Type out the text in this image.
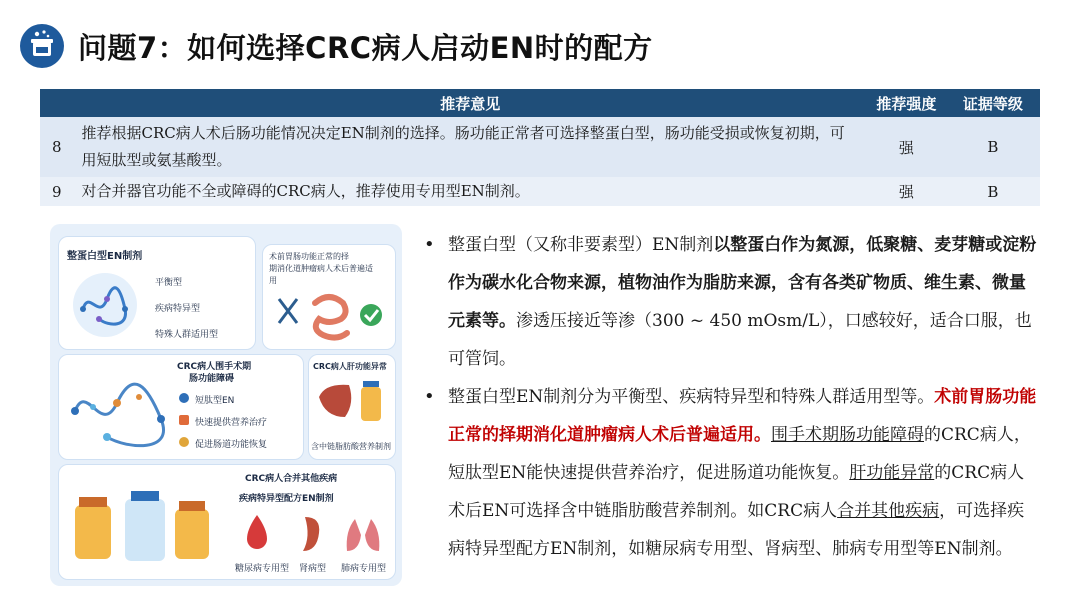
问题7：如何选择CRC病人启动EN时的配方
	推荐意见	推荐强度	证据等级
8	推荐根据CRC病人术后肠功能情况决定EN制剂的选择。肠功能正常者可选择整蛋白型，肠功能受损或恢复初期，可用短肽型或氨基酸型。	强	B
9	对合并器官功能不全或障碍的CRC病人，推荐使用专用型EN制剂。	强	B
整蛋白型EN制剂
平衡型
疾病特异型
特殊人群适用型
术前胃肠功能正常的择
期消化道肿瘤病人术后普遍适
用
CRC病人围手术期
肠功能障碍
短肽型EN
快速提供营养治疗
促进肠道功能恢复
CRC病人肝功能异常
含中链脂肪酸营养制剂
CRC病人合并其他疾病
疾病特异型配方EN制剂
糖尿病专用型 肾病型 肺病专用型
• 整蛋白型（又称非要素型）EN制剂以整蛋白作为氮源，低聚糖、麦芽糖或淀粉作为碳水化合物来源，植物油作为脂肪来源，含有各类矿物质、维生素、微量元素等。渗透压接近等渗（300 ~ 450 mOsm/L），口感较好，适合口服，也可管饲。
• 整蛋白型EN制剂分为平衡型、疾病特异型和特殊人群适用型等。术前胃肠功能正常的择期消化道肿瘤病人术后普遍适用。围手术期肠功能障碍的CRC病人，短肽型EN能快速提供营养治疗，促进肠道功能恢复。肝功能异常的CRC病人术后EN可选择含中链脂肪酸营养制剂。如CRC病人合并其他疾病，可选择疾病特异型配方EN制剂，如糖尿病专用型、肾病型、肺病专用型等EN制剂。
